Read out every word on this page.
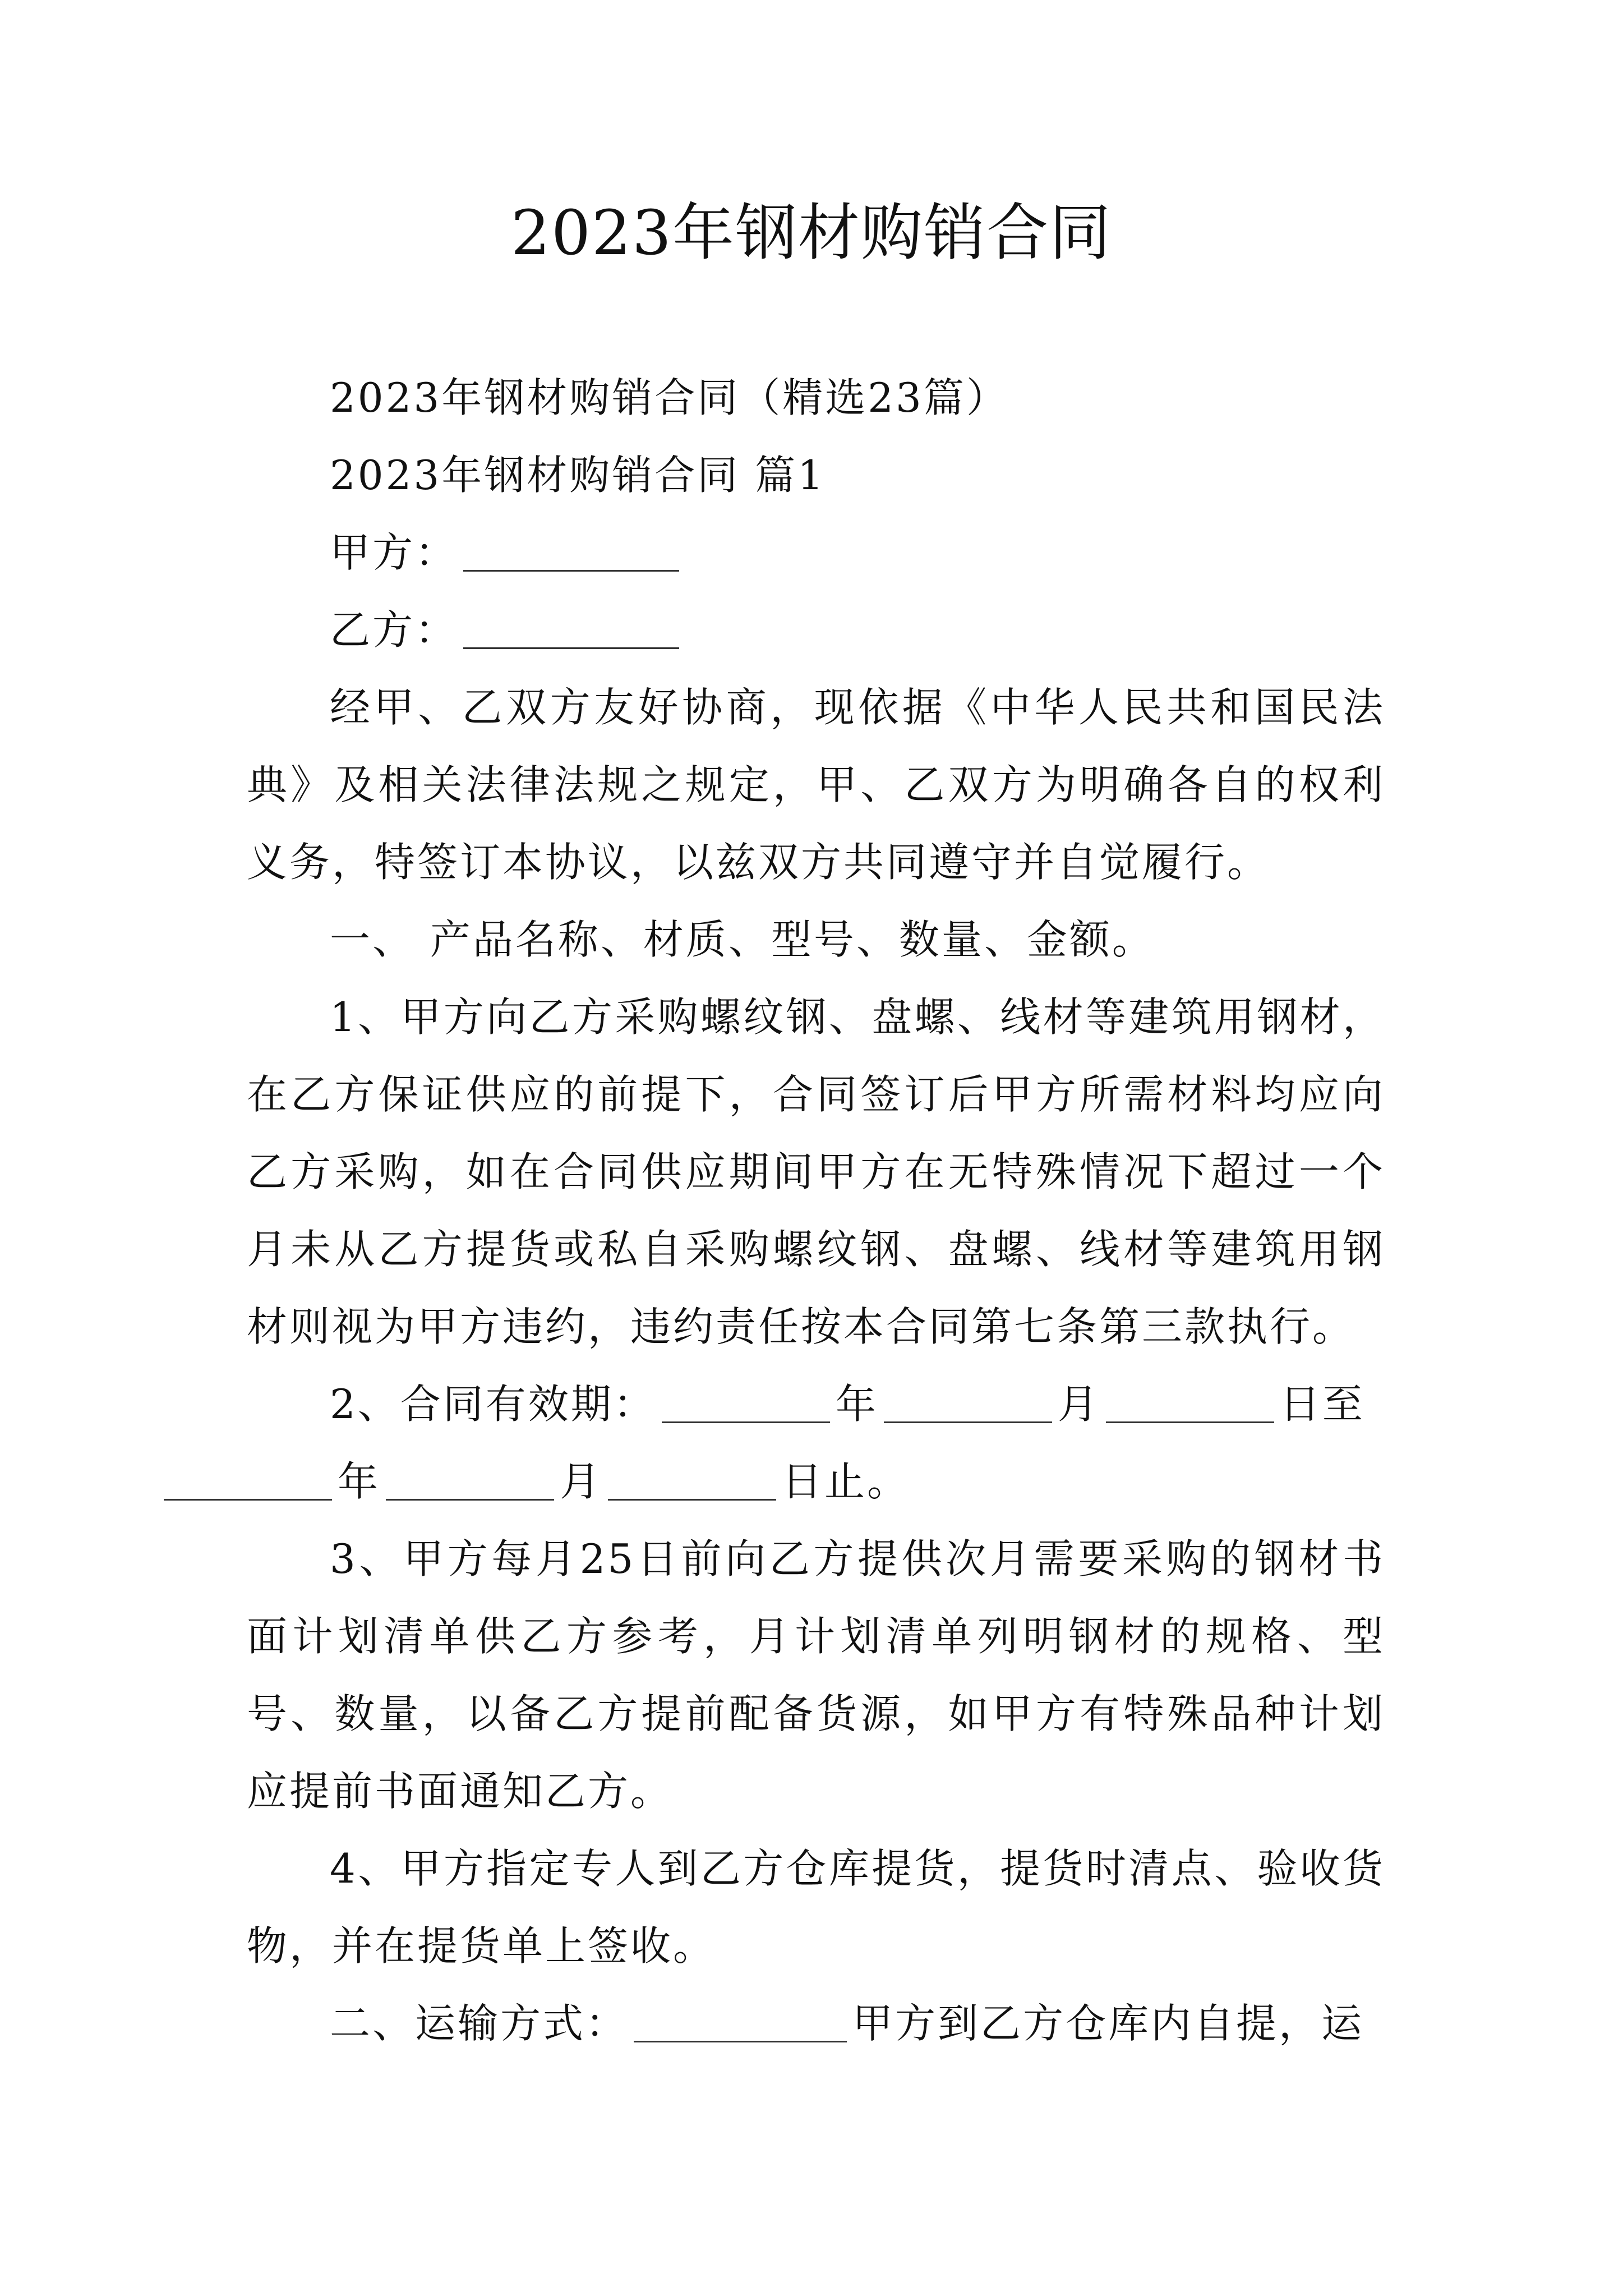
2023年钢材购销合同

2023年钢材购销合同（精选23篇）

2023年钢材购销合同 篇1

甲方：

乙方：

经甲、乙双方友好协商，现依据《中华人民共和国民法典》及相关法律法规之规定，甲、乙双方为明确各自的权利义务，特签订本协议，以兹双方共同遵守并自觉履行。

一、 产品名称、材质、型号、数量、金额。

1、甲方向乙方采购螺纹钢、盘螺、线材等建筑用钢材，在乙方保证供应的前提下，合同签订后甲方所需材料均应向乙方采购，如在合同供应期间甲方在无特殊情况下超过一个月未从乙方提货或私自采购螺纹钢、盘螺、线材等建筑用钢材则视为甲方违约，违约责任按本合同第七条第三款执行。

2、合同有效期：	年	月	日至
年	月	日止。

3、甲方每月25日前向乙方提供次月需要采购的钢材书面计划清单供乙方参考，月计划清单列明钢材的规格、型号、数量，以备乙方提前配备货源，如甲方有特殊品种计划应提前书面通知乙方。

4、甲方指定专人到乙方仓库提货，提货时清点、验收货物，并在提货单上签收。

二、运输方式：	甲方到乙方仓库内自提，运
